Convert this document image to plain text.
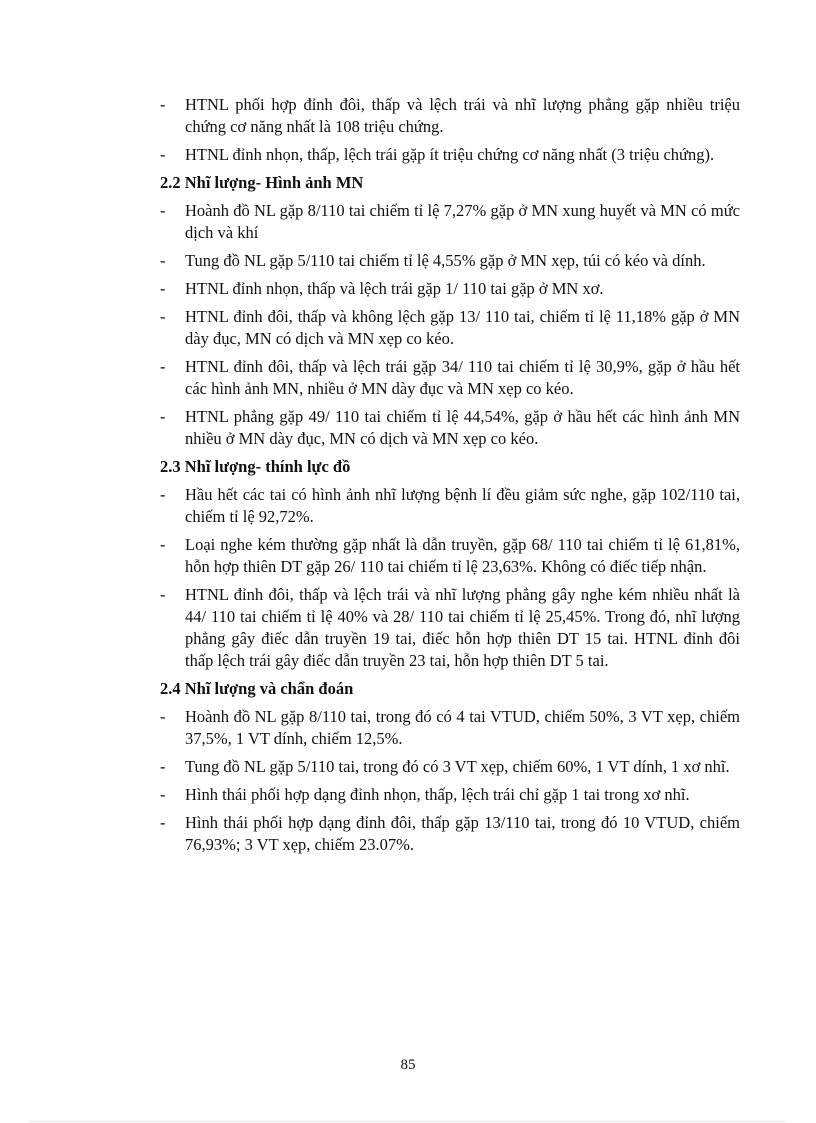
- HTNL phối hợp đỉnh đôi, thấp và lệch trái và nhĩ lượng phẳng gặp nhiều triệu chứng cơ năng nhất là 108 triệu chứng.
- HTNL đỉnh nhọn, thấp, lệch trái gặp ít triệu chứng cơ năng nhất (3 triệu chứng).
2.2 Nhĩ lượng- Hình ảnh MN
- Hoành đồ NL gặp 8/110 tai chiếm tỉ lệ 7,27% gặp ở MN xung huyết và MN có mức dịch và khí
- Tung đồ NL gặp 5/110 tai chiếm tỉ lệ 4,55% gặp ở MN xẹp, túi có kéo và dính.
- HTNL đỉnh nhọn, thấp và lệch trái gặp 1/ 110 tai gặp ở MN xơ.
- HTNL đỉnh đôi, thấp và không lệch gặp 13/ 110 tai, chiếm tỉ lệ 11,18% gặp ở MN dày đục, MN có dịch và MN xẹp co kéo.
- HTNL đỉnh đôi, thấp và lệch trái gặp 34/ 110 tai chiếm tỉ lệ 30,9%, gặp ở hầu hết các hình ảnh MN, nhiều ở MN dày đục và MN xẹp co kéo.
- HTNL phẳng gặp 49/ 110 tai chiếm tỉ lệ 44,54%, gặp ở hầu hết các hình ảnh MN nhiều ở MN dày đục, MN có dịch và MN xẹp co kéo.
2.3 Nhĩ lượng- thính lực đồ
- Hầu hết các tai có hình ảnh nhĩ lượng bệnh lí đều giảm sức nghe, gặp 102/110 tai, chiếm tỉ lệ 92,72%.
- Loại nghe kém thường gặp nhất là dẫn truyền, gặp 68/ 110 tai chiếm tỉ lệ 61,81%, hỗn hợp thiên DT gặp 26/ 110 tai chiếm tỉ lệ 23,63%. Không có điếc tiếp nhận.
- HTNL đỉnh đôi, thấp và lệch trái và nhĩ lượng phẳng gây nghe kém nhiều nhất là 44/ 110 tai chiếm tỉ lệ 40% và 28/ 110 tai chiếm tỉ lệ 25,45%. Trong đó, nhĩ lượng phẳng gây điếc dẫn truyền 19 tai, điếc hỗn hợp thiên DT 15 tai. HTNL đỉnh đôi thấp lệch trái gây điếc dẫn truyền 23 tai, hỗn hợp thiên DT 5 tai.
2.4 Nhĩ lượng và chẩn đoán
- Hoành đồ NL gặp 8/110 tai, trong đó có 4 tai VTUD, chiếm 50%, 3 VT xẹp, chiếm 37,5%, 1 VT dính, chiếm 12,5%.
- Tung đồ NL gặp 5/110 tai, trong đó có 3 VT xẹp, chiếm 60%, 1 VT dính, 1 xơ nhĩ.
- Hình thái phối hợp dạng đỉnh nhọn, thấp, lệch trái chỉ gặp 1 tai trong xơ nhĩ.
- Hình thái phối hợp dạng đỉnh đôi, thấp gặp 13/110 tai, trong đó 10 VTUD, chiếm 76,93%; 3 VT xẹp, chiếm 23.07%.
85
